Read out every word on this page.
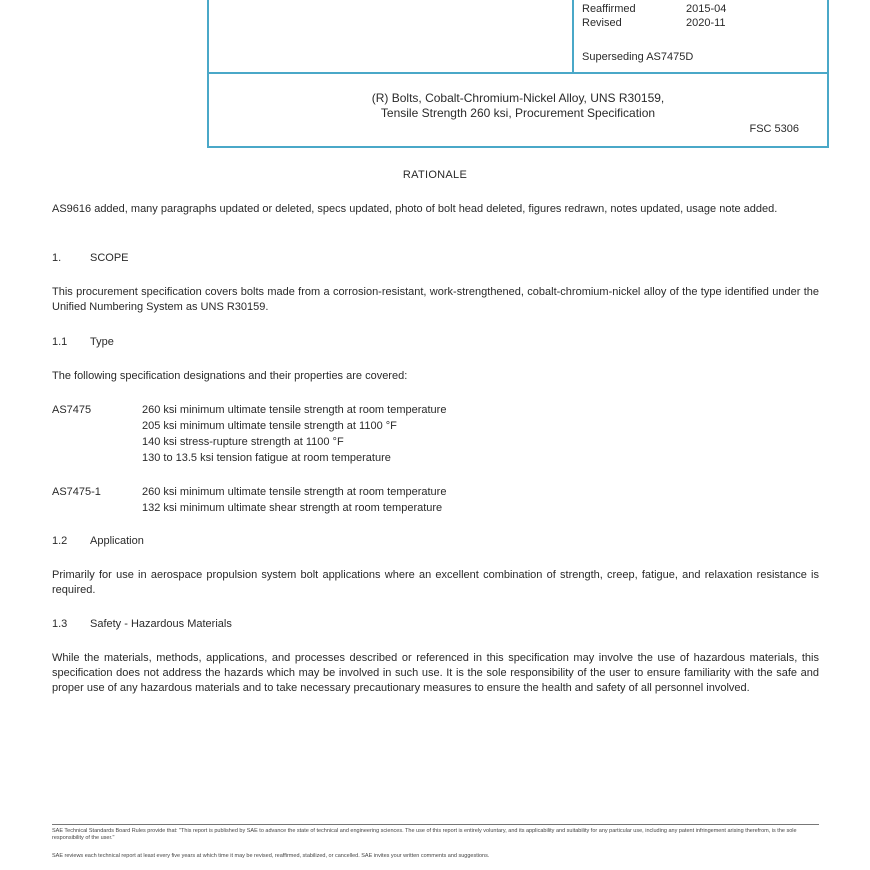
Reaffirmed	2015-04
Revised	2020-11
Superseding AS7475D
(R) Bolts, Cobalt-Chromium-Nickel Alloy, UNS R30159,
Tensile Strength 260 ksi, Procurement Specification
FSC 5306
RATIONALE
AS9616 added, many paragraphs updated or deleted, specs updated, photo of bolt head deleted, figures redrawn, notes updated, usage note added.
1.	SCOPE
This procurement specification covers bolts made from a corrosion-resistant, work-strengthened, cobalt-chromium-nickel alloy of the type identified under the Unified Numbering System as UNS R30159.
1.1 Type
The following specification designations and their properties are covered:
AS7475	260 ksi minimum ultimate tensile strength at room temperature
205 ksi minimum ultimate tensile strength at 1100 °F
140 ksi stress-rupture strength at 1100 °F
130 to 13.5 ksi tension fatigue at room temperature
AS7475-1	260 ksi minimum ultimate tensile strength at room temperature
132 ksi minimum ultimate shear strength at room temperature
1.2 Application
Primarily for use in aerospace propulsion system bolt applications where an excellent combination of strength, creep, fatigue, and relaxation resistance is required.
1.3 Safety - Hazardous Materials
While the materials, methods, applications, and processes described or referenced in this specification may involve the use of hazardous materials, this specification does not address the hazards which may be involved in such use. It is the sole responsibility of the user to ensure familiarity with the safe and proper use of any hazardous materials and to take necessary precautionary measures to ensure the health and safety of all personnel involved.
SAE Technical Standards Board Rules provide that: "This report is published by SAE to advance the state of technical and engineering sciences. The use of this report is entirely voluntary, and its applicability and suitability for any particular use, including any patent infringement arising therefrom, is the sole responsibility of the user."
SAE reviews each technical report at least every five years at which time it may be revised, reaffirmed, stabilized, or cancelled. SAE invites your written comments and suggestions.
